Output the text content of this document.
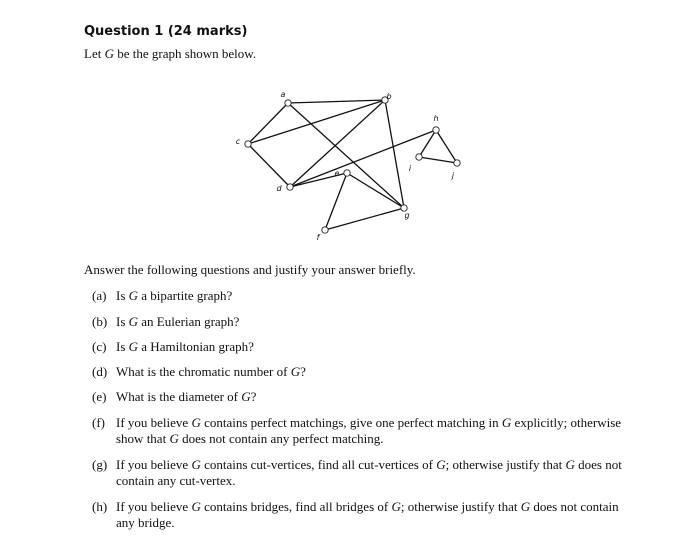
Question 1 (24 marks)
Let G be the graph shown below.
a	b
c
d
e
f
g
h
i
j
Answer the following questions and justify your answer briefly.
(a) Is G a bipartite graph?
(b) Is G an Eulerian graph?
(c) Is G a Hamiltonian graph?
(d) What is the chromatic number of G?
(e) What is the diameter of G?
(f) If you believe G contains perfect matchings, give one perfect matching in G explicitly; otherwise show that G does not contain any perfect matching.
(g) If you believe G contains cut-vertices, find all cut-vertices of G; otherwise justify that G does not contain any cut-vertex.
(h) If you believe G contains bridges, find all bridges of G; otherwise justify that G does not contain any bridge.
